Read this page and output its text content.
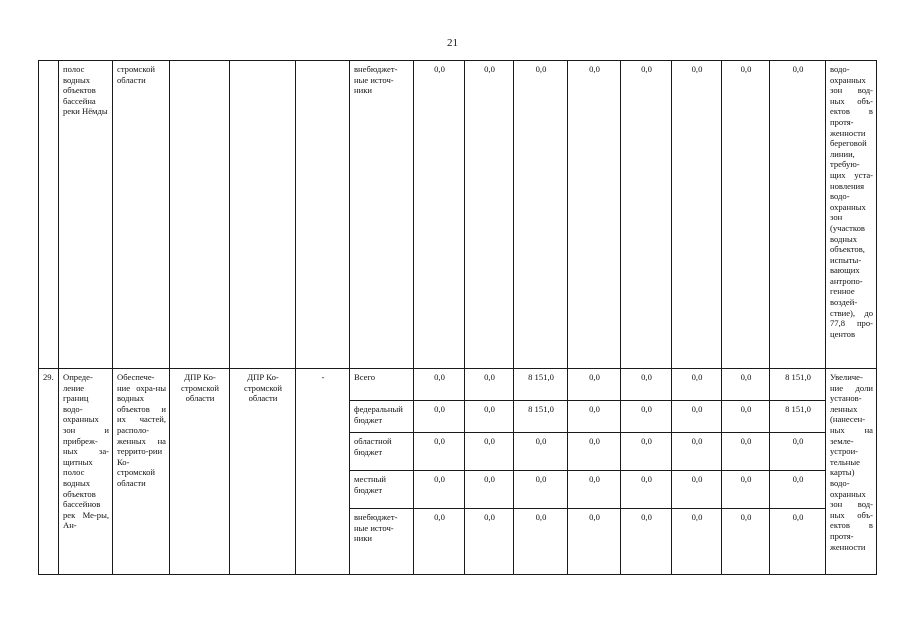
21
	полос водных объектов бассейна реки Нёмды	стромской области				внебюджет-ные источ-ники	0,0	0,0	0,0	0,0	0,0	0,0	0,0	0,0	водо-охранных зон вод-ных объ-ектов в протя-женности береговой линии, требую-щих уста-новления водо-охранных зон (участков водных объектов, испыты-вающих антропо-генное воздей-ствие), до 77,8 про-центов
29.	Опреде-ление границ водо-охранных зон и прибреж-ных за-щитных полос водных объектов бассейнов рек Ме-ры, Ан-	Обеспече-ние охра-ны водных объектов и их частей, располо-женных на террито-рии Ко-стромской области	ДПР Ко-стромской области	ДПР Ко-стромской области	-	Всего	0,0	0,0	8 151,0	0,0	0,0	0,0	0,0	8 151,0	Увеличе-ние доли установ-ленных (нанесен-ных на земле-устрои-тельные карты) водо-охранных зон вод-ных объ-ектов в протя-женности
						федеральный бюджет	0,0	0,0	8 151,0	0,0	0,0	0,0	0,0	8 151,0	
						областной бюджет	0,0	0,0	0,0	0,0	0,0	0,0	0,0	0,0	
						местный бюджет	0,0	0,0	0,0	0,0	0,0	0,0	0,0	0,0	
						внебюджет-ные источ-ники	0,0	0,0	0,0	0,0	0,0	0,0	0,0	0,0	
